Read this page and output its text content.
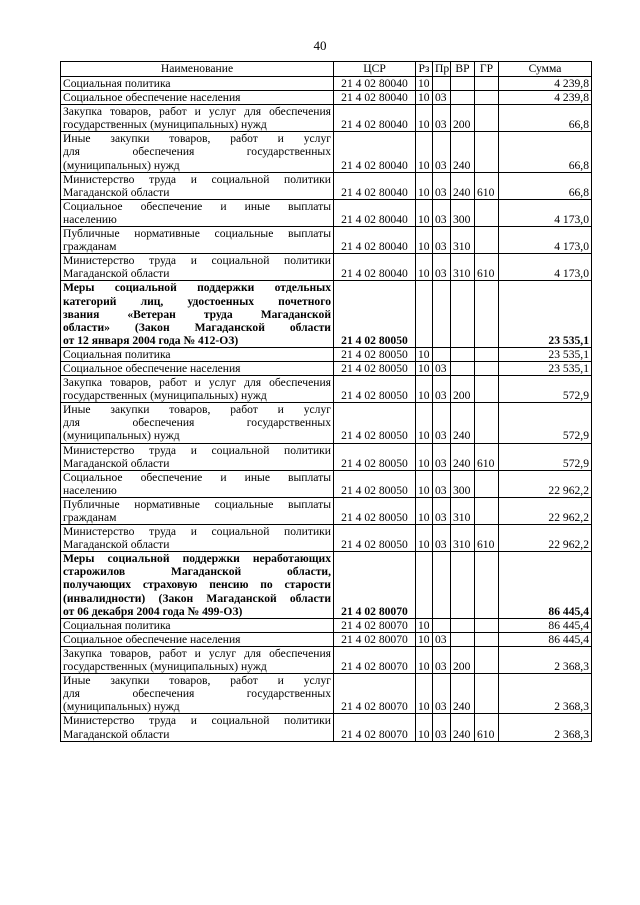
40
Наименование	ЦСР	Рз	Пр	ВР	ГР	Сумма

Социальная политика	21 4 02 80040	10				4 239,8

Социальное обеспечение населения	21 4 02 80040	10	03			4 239,8

Закупка товаров, работ и услуг для обеспечения
государственных (муниципальных) нужд	21 4 02 80040	10	03	200		66,8

Иные закупки товаров, работ и услуг
для обеспечения государственных
(муниципальных) нужд	21 4 02 80040	10	03	240		66,8

Министерство труда и социальной политики
Магаданской области	21 4 02 80040	10	03	240	610	66,8

Социальное обеспечение и иные выплаты
населению	21 4 02 80040	10	03	300		4 173,0

Публичные нормативные социальные выплаты
гражданам	21 4 02 80040	10	03	310		4 173,0

Министерство труда и социальной политики
Магаданской области	21 4 02 80040	10	03	310	610	4 173,0

Меры социальной поддержки отдельных
категорий лиц, удостоенных почетного
звания «Ветеран труда Магаданской
области» (Закон Магаданской области
от 12 января 2004 года № 412-ОЗ)	21 4 02 80050					23 535,1

Социальная политика	21 4 02 80050	10				23 535,1

Социальное обеспечение населения	21 4 02 80050	10	03			23 535,1

Закупка товаров, работ и услуг для обеспечения
государственных (муниципальных) нужд	21 4 02 80050	10	03	200		572,9

Иные закупки товаров, работ и услуг
для обеспечения государственных
(муниципальных) нужд	21 4 02 80050	10	03	240		572,9

Министерство труда и социальной политики
Магаданской области	21 4 02 80050	10	03	240	610	572,9

Социальное обеспечение и иные выплаты
населению	21 4 02 80050	10	03	300		22 962,2

Публичные нормативные социальные выплаты
гражданам	21 4 02 80050	10	03	310		22 962,2

Министерство труда и социальной политики
Магаданской области	21 4 02 80050	10	03	310	610	22 962,2

Меры социальной поддержки неработающих
старожилов Магаданской области,
получающих страховую пенсию по старости
(инвалидности) (Закон Магаданской области
от 06 декабря 2004 года № 499-ОЗ)	21 4 02 80070					86 445,4

Социальная политика	21 4 02 80070	10				86 445,4

Социальное обеспечение населения	21 4 02 80070	10	03			86 445,4

Закупка товаров, работ и услуг для обеспечения
государственных (муниципальных) нужд	21 4 02 80070	10	03	200		2 368,3

Иные закупки товаров, работ и услуг
для обеспечения государственных
(муниципальных) нужд	21 4 02 80070	10	03	240		2 368,3

Министерство труда и социальной политики
Магаданской области	21 4 02 80070	10	03	240	610	2 368,3
